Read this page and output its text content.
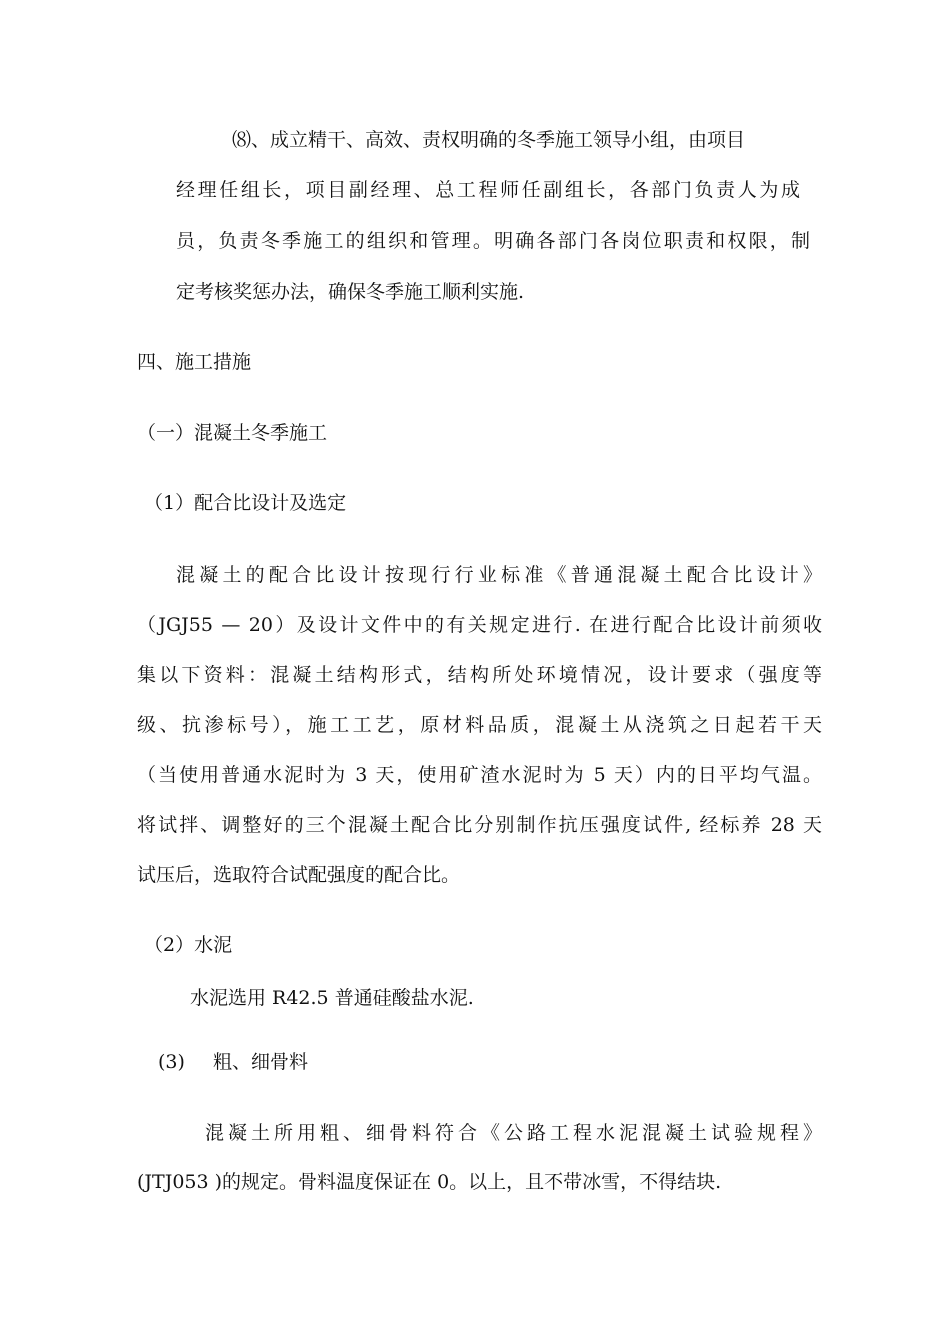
⑻、成立精干、高效、责权明确的冬季施工领导小组，由项目
经理任组长，项目副经理、总工程师任副组长，各部门负责人为成
员，负责冬季施工的组织和管理。明确各部门各岗位职责和权限，制
定考核奖惩办法，确保冬季施工顺利实施.
四、施工措施
（一）混凝土冬季施工
（1）配合比设计及选定
混凝土的配合比设计按现行行业标准《普通混凝土配合比设计》
（JGJ55 — 20）及设计文件中的有关规定进行. 在进行配合比设计前须收
集以下资料：混凝土结构形式，结构所处环境情况，设计要求（强度等
级、抗渗标号），施工工艺，原材料品质，混凝土从浇筑之日起若干天
（当使用普通水泥时为 3 天，使用矿渣水泥时为 5 天）内的日平均气温。
将试拌、调整好的三个混凝土配合比分别制作抗压强度试件, 经标养 28 天
试压后，选取符合试配强度的配合比。
（2）水泥
水泥选用 R42.5 普通硅酸盐水泥.
(3) 粗、细骨料
混凝土所用粗、细骨料符合《公路工程水泥混凝土试验规程》
(JTJ053 )的规定。骨料温度保证在 0。以上，且不带冰雪，不得结块.
